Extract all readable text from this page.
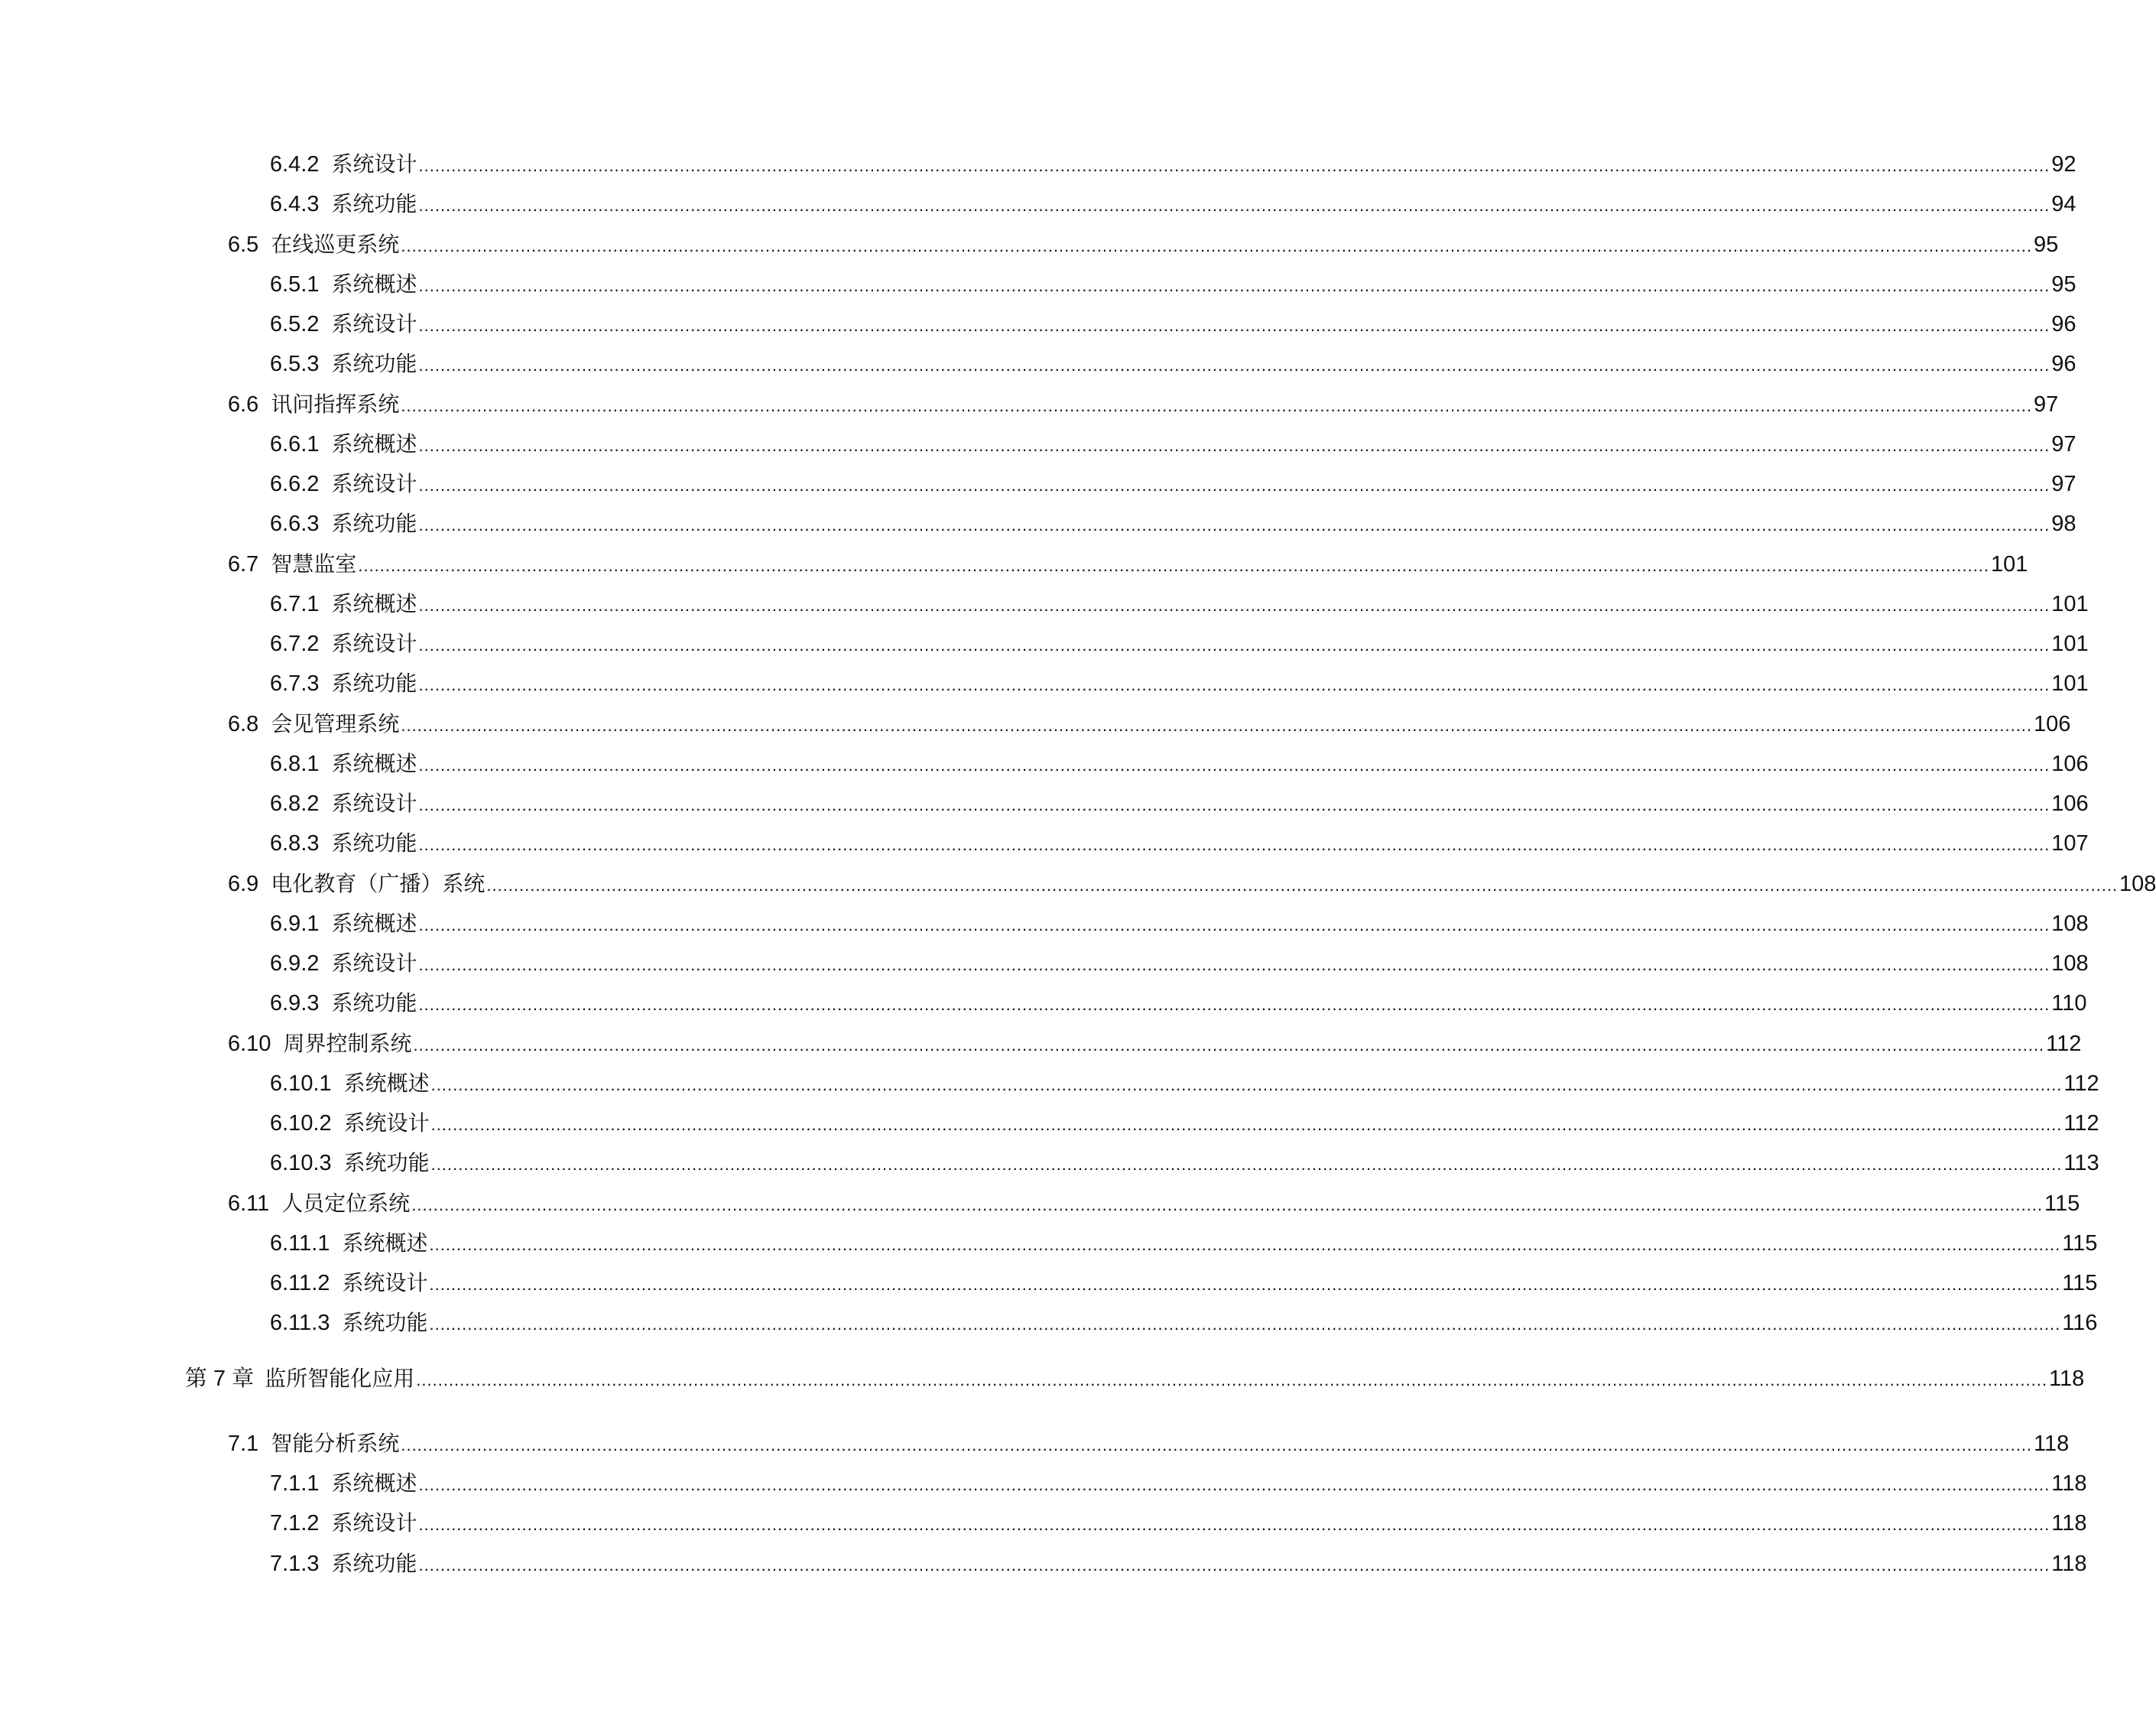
6.4.2 系统设计 ............................................................................................................................................................................................................................................................................................................ 92
6.4.3 系统功能 ............................................................................................................................................................................................................................................................................................................ 94
6.5 在线巡更系统 ............................................................................................................................................................................................................................................................................................................ 95
6.5.1 系统概述 ............................................................................................................................................................................................................................................................................................................ 95
6.5.2 系统设计 ............................................................................................................................................................................................................................................................................................................ 96
6.5.3 系统功能 ............................................................................................................................................................................................................................................................................................................ 96
6.6 讯问指挥系统 ............................................................................................................................................................................................................................................................................................................ 97
6.6.1 系统概述 ............................................................................................................................................................................................................................................................................................................ 97
6.6.2 系统设计 ............................................................................................................................................................................................................................................................................................................ 97
6.6.3 系统功能 ............................................................................................................................................................................................................................................................................................................ 98
6.7 智慧监室 ............................................................................................................................................................................................................................................................................................................ 101
6.7.1 系统概述 ............................................................................................................................................................................................................................................................................................................ 101
6.7.2 系统设计 ............................................................................................................................................................................................................................................................................................................ 101
6.7.3 系统功能 ............................................................................................................................................................................................................................................................................................................ 101
6.8 会见管理系统 ............................................................................................................................................................................................................................................................................................................ 106
6.8.1 系统概述 ............................................................................................................................................................................................................................................................................................................ 106
6.8.2 系统设计 ............................................................................................................................................................................................................................................................................................................ 106
6.8.3 系统功能 ............................................................................................................................................................................................................................................................................................................ 107
6.9 电化教育（广播）系统 ............................................................................................................................................................................................................................................................................................................ 108
6.9.1 系统概述 ............................................................................................................................................................................................................................................................................................................ 108
6.9.2 系统设计 ............................................................................................................................................................................................................................................................................................................ 108
6.9.3 系统功能 ............................................................................................................................................................................................................................................................................................................ 110
6.10 周界控制系统 ............................................................................................................................................................................................................................................................................................................ 112
6.10.1 系统概述 ............................................................................................................................................................................................................................................................................................................ 112
6.10.2 系统设计 ............................................................................................................................................................................................................................................................................................................ 112
6.10.3 系统功能 ............................................................................................................................................................................................................................................................................................................ 113
6.11 人员定位系统 ............................................................................................................................................................................................................................................................................................................ 115
6.11.1 系统概述 ............................................................................................................................................................................................................................................................................................................ 115
6.11.2 系统设计 ............................................................................................................................................................................................................................................................................................................ 115
6.11.3 系统功能 ............................................................................................................................................................................................................................................................................................................ 116
第 7 章 监所智能化应用 ............................................................................................................................................................................................................................................................................................................ 118
7.1 智能分析系统 ............................................................................................................................................................................................................................................................................................................ 118
7.1.1 系统概述 ............................................................................................................................................................................................................................................................................................................ 118
7.1.2 系统设计 ............................................................................................................................................................................................................................................................................................................ 118
7.1.3 系统功能 ............................................................................................................................................................................................................................................................................................................ 118
